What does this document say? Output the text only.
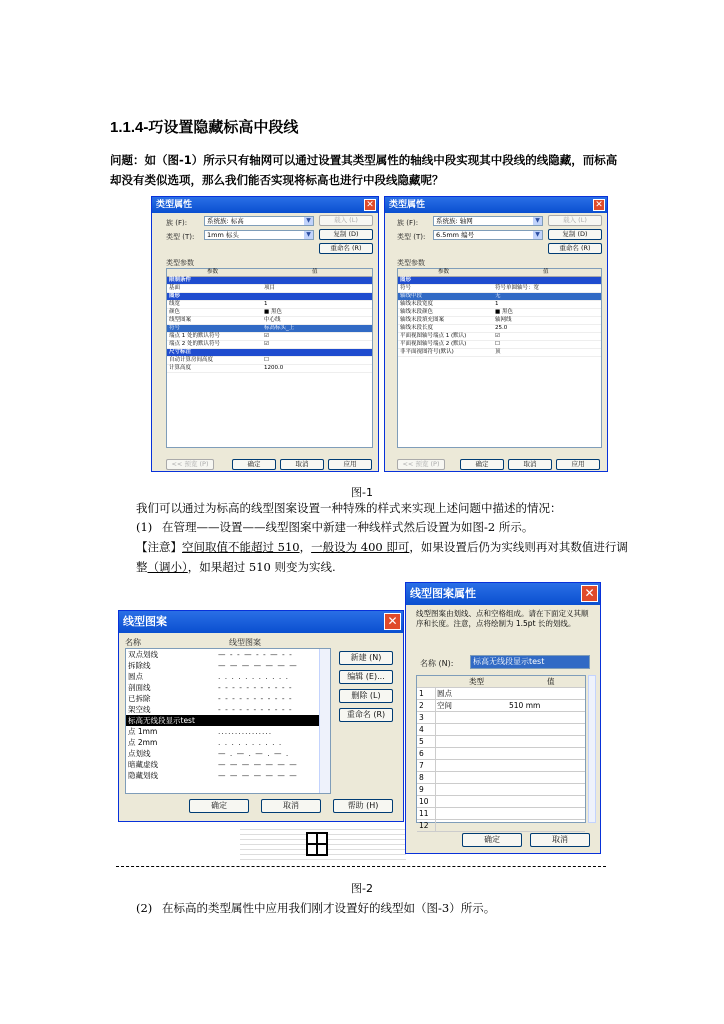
1.1.4-巧设置隐藏标高中段线
问题：如（图-1）所示只有轴网可以通过设置其类型属性的轴线中段实现其中段线的线隐藏，而标高却没有类似选项，那么我们能否实现将标高也进行中段线隐藏呢？
类型属性	✕
族 (F):	系统族: 标高	▼	载入 (L)
类型 (T):	1mm 标头	▼	复制 (D)
重命名 (R)
类型参数
参数	值
限制条件
基面	项目
图形
线宽	1
颜色	■ 黑色
线型图案	中心线
符号	标高标头_上
端点 1 处的默认符号	☑
端点 2 处的默认符号	☑
尺寸标注
自动计算房间高度	☐
计算高度	1200.0
<< 预览 (P)	确定	取消	应用
类型属性	✕
族 (F):	系统族: 轴网	▼	载入 (L)
类型 (T):	6.5mm 编号	▼	复制 (D)
重命名 (R)
类型参数
参数	值
图形
符号	符号单圆轴号：宽
轴线中段	无
轴线末段宽度	1
轴线末段颜色	■ 黑色
轴线末段填充图案	轴网线
轴线末段长度	25.0
平面视图轴号端点 1 (默认)	☑
平面视图轴号端点 2 (默认)	☐
非平面视图符号(默认)	顶
<< 预览 (P)	确定	取消	应用
图-1
我们可以通过为标高的线型图案设置一种特殊的样式来实现上述问题中描述的情况：
(1) 在管理——设置——线型图案中新建一种线样式然后设置为如图-2 所示。
【注意】空间取值不能超过 510，一般设为 400 即可，如果设置后仍为实线则再对其数值进行调整（调小），如果超过 510 则变为实线.
线型图案	✕
名称	线型图案
双点划线	— - - — - - — - -
拆除线	— — — — — — —
圆点	. . . . . . . . . . .
剖面线	- - - - - - - - - - -
已拆除	- - - - - - - - - - -
架空线	- - - - - - - - - - -
标高无线段显示test
点 1mm	................
点 2mm	. . . . . . . . . .
点划线	— . — . — . — .
暗藏虚线	— — — — — — —
隐藏划线	— — — — — — —
新建 (N)
编辑 (E)...
删除 (L)
重命名 (R)
确定	取消	帮助 (H)
线型图案属性	✕
线型图案由划线、点和空格组成。请在下面定义其顺序和长度。注意，点将绘制为 1.5pt 长的划线。
名称 (N):	标高无线段显示test
类型	值
1	圆点
2	空间	510 mm
3
4
5
6
7
8
9
10
11
12
确定	取消
图-2
(2) 在标高的类型属性中应用我们刚才设置好的线型如（图-3）所示。
